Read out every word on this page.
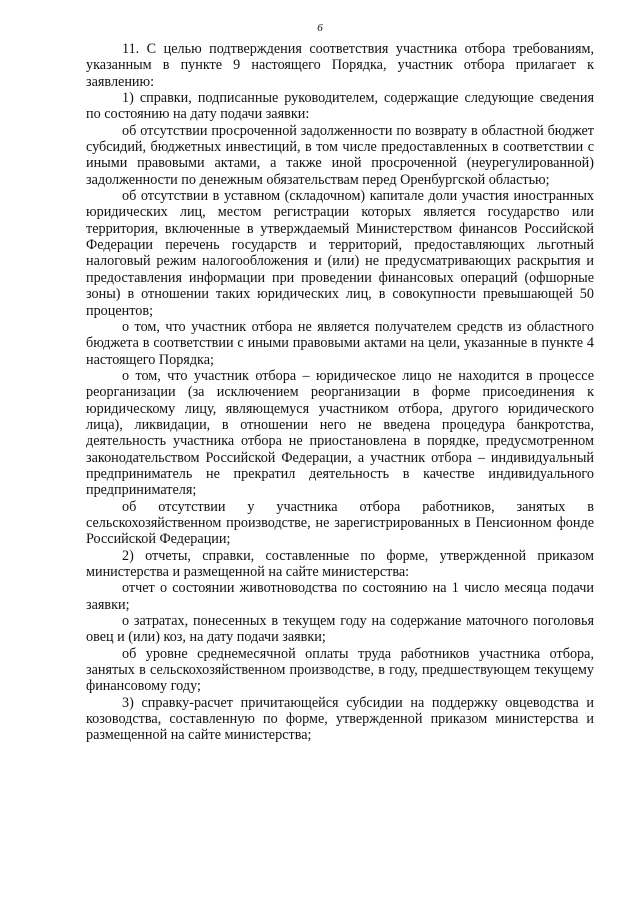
6

11. С целью подтверждения соответствия участника отбора требованиям, указанным в пункте 9 настоящего Порядка, участник отбора прилагает к заявлению:

1) справки, подписанные руководителем, содержащие следующие сведения по состоянию на дату подачи заявки:

об отсутствии просроченной задолженности по возврату в областной бюджет субсидий, бюджетных инвестиций, в том числе предоставленных в соответствии с иными правовыми актами, а также иной просроченной (неурегулированной) задолженности по денежным обязательствам перед Оренбургской областью;

об отсутствии в уставном (складочном) капитале доли участия иностранных юридических лиц, местом регистрации которых является государство или территория, включенные в утверждаемый Министерством финансов Российской Федерации перечень государств и территорий, предоставляющих льготный налоговый режим налогообложения и (или) не предусматривающих раскрытия и предоставления информации при проведении финансовых операций (офшорные зоны) в отношении таких юридических лиц, в совокупности превышающей 50 процентов;

о том, что участник отбора не является получателем средств из областного бюджета в соответствии с иными правовыми актами на цели, указанные в пункте 4 настоящего Порядка;

о том, что участник отбора – юридическое лицо не находится в процессе реорганизации (за исключением реорганизации в форме присоединения к юридическому лицу, являющемуся участником отбора, другого юридического лица), ликвидации, в отношении него не введена процедура банкротства, деятельность участника отбора не приостановлена в порядке, предусмотренном законодательством Российской Федерации, а участник отбора – индивидуальный предприниматель не прекратил деятельность в качестве индивидуального предпринимателя;

об отсутствии у участника отбора работников, занятых в сельскохозяйственном производстве, не зарегистрированных в Пенсионном фонде Российской Федерации;

2) отчеты, справки, составленные по форме, утвержденной приказом министерства и размещенной на сайте министерства:

отчет о состоянии животноводства по состоянию на 1 число месяца подачи заявки;

о затратах, понесенных в текущем году на содержание маточного поголовья овец и (или) коз, на дату подачи заявки;

об уровне среднемесячной оплаты труда работников участника отбора, занятых в сельскохозяйственном производстве, в году, предшествующем текущему финансовому году;

3) справку-расчет причитающейся субсидии на поддержку овцеводства и козоводства, составленную по форме, утвержденной приказом министерства и размещенной на сайте министерства;
